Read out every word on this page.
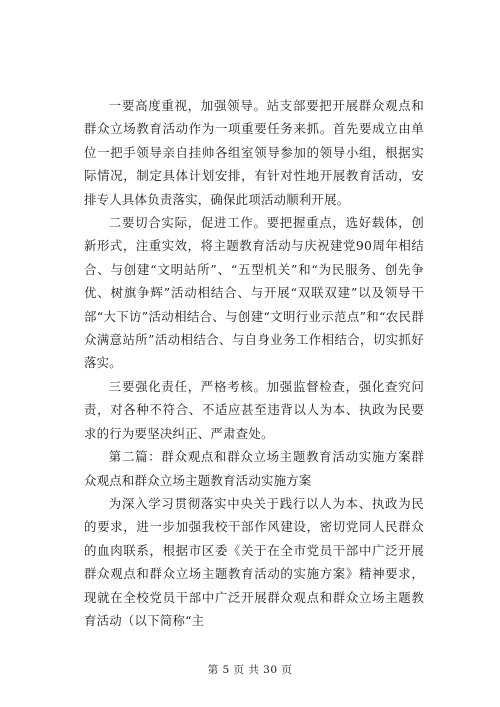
一要高度重视，加强领导。站支部要把开展群众观点和群众立场教育活动作为一项重要任务来抓。首先要成立由单位一把手领导亲自挂帅各组室领导参加的领导小组，根据实际情况，制定具体计划安排，有针对性地开展教育活动，安排专人具体负责落实，确保此项活动顺利开展。

二要切合实际，促进工作。要把握重点，选好载体，创新形式，注重实效，将主题教育活动与庆祝建党90周年相结合、与创建“文明站所”、“五型机关”和“为民服务、创先争优、树旗争辉”活动相结合、与开展“双联双建”以及领导干部“大下访”活动相结合、与创建“文明行业示范点”和“农民群众满意站所”活动相结合、与自身业务工作相结合，切实抓好落实。

三要强化责任，严格考核。加强监督检查，强化查究问责，对各种不符合、不适应甚至违背以人为本、执政为民要求的行为要坚决纠正、严肃查处。

第二篇：群众观点和群众立场主题教育活动实施方案群众观点和群众立场主题教育活动实施方案

为深入学习贯彻落实中央关于践行以人为本、执政为民的要求，进一步加强我校干部作风建设，密切党同人民群众的血肉联系，根据市区委《关于在全市党员干部中广泛开展群众观点和群众立场主题教育活动的实施方案》精神要求，现就在全校党员干部中广泛开展群众观点和群众立场主题教育活动（以下简称“主

第 5 页 共 30 页
